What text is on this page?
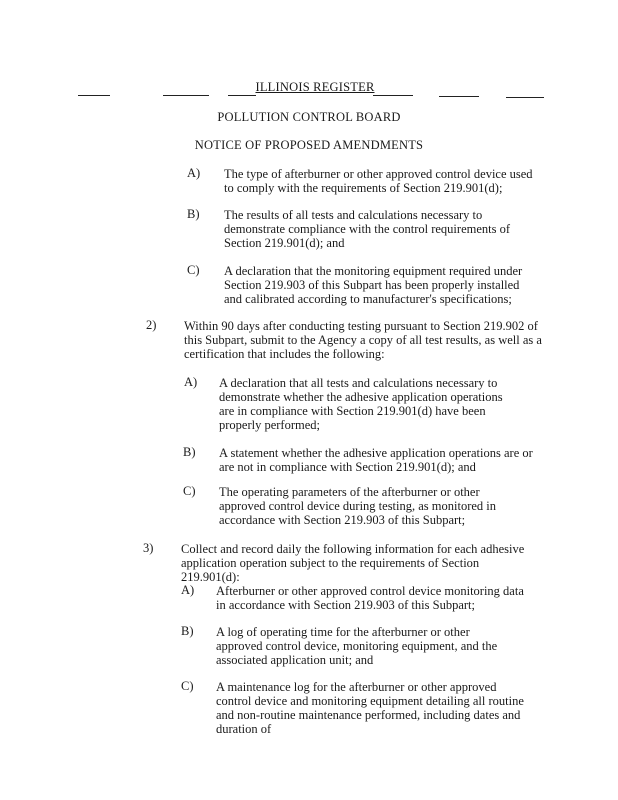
ILLINOIS REGISTER
POLLUTION CONTROL BOARD
NOTICE OF PROPOSED AMENDMENTS
A) The type of afterburner or other approved control device used to comply with the requirements of Section 219.901(d);
B) The results of all tests and calculations necessary to demonstrate compliance with the control requirements of Section 219.901(d); and
C) A declaration that the monitoring equipment required under Section 219.903 of this Subpart has been properly installed and calibrated according to manufacturer's specifications;
2) Within 90 days after conducting testing pursuant to Section 219.902 of this Subpart, submit to the Agency a copy of all test results, as well as a certification that includes the following:
A) A declaration that all tests and calculations necessary to demonstrate whether the adhesive application operations are in compliance with Section 219.901(d) have been properly performed;
B) A statement whether the adhesive application operations are or are not in compliance with Section 219.901(d); and
C) The operating parameters of the afterburner or other approved control device during testing, as monitored in accordance with Section 219.903 of this Subpart;
3) Collect and record daily the following information for each adhesive application operation subject to the requirements of Section 219.901(d):
A) Afterburner or other approved control device monitoring data in accordance with Section 219.903 of this Subpart;
B) A log of operating time for the afterburner or other approved control device, monitoring equipment, and the associated application unit; and
C) A maintenance log for the afterburner or other approved control device and monitoring equipment detailing all routine and non-routine maintenance performed, including dates and duration of
